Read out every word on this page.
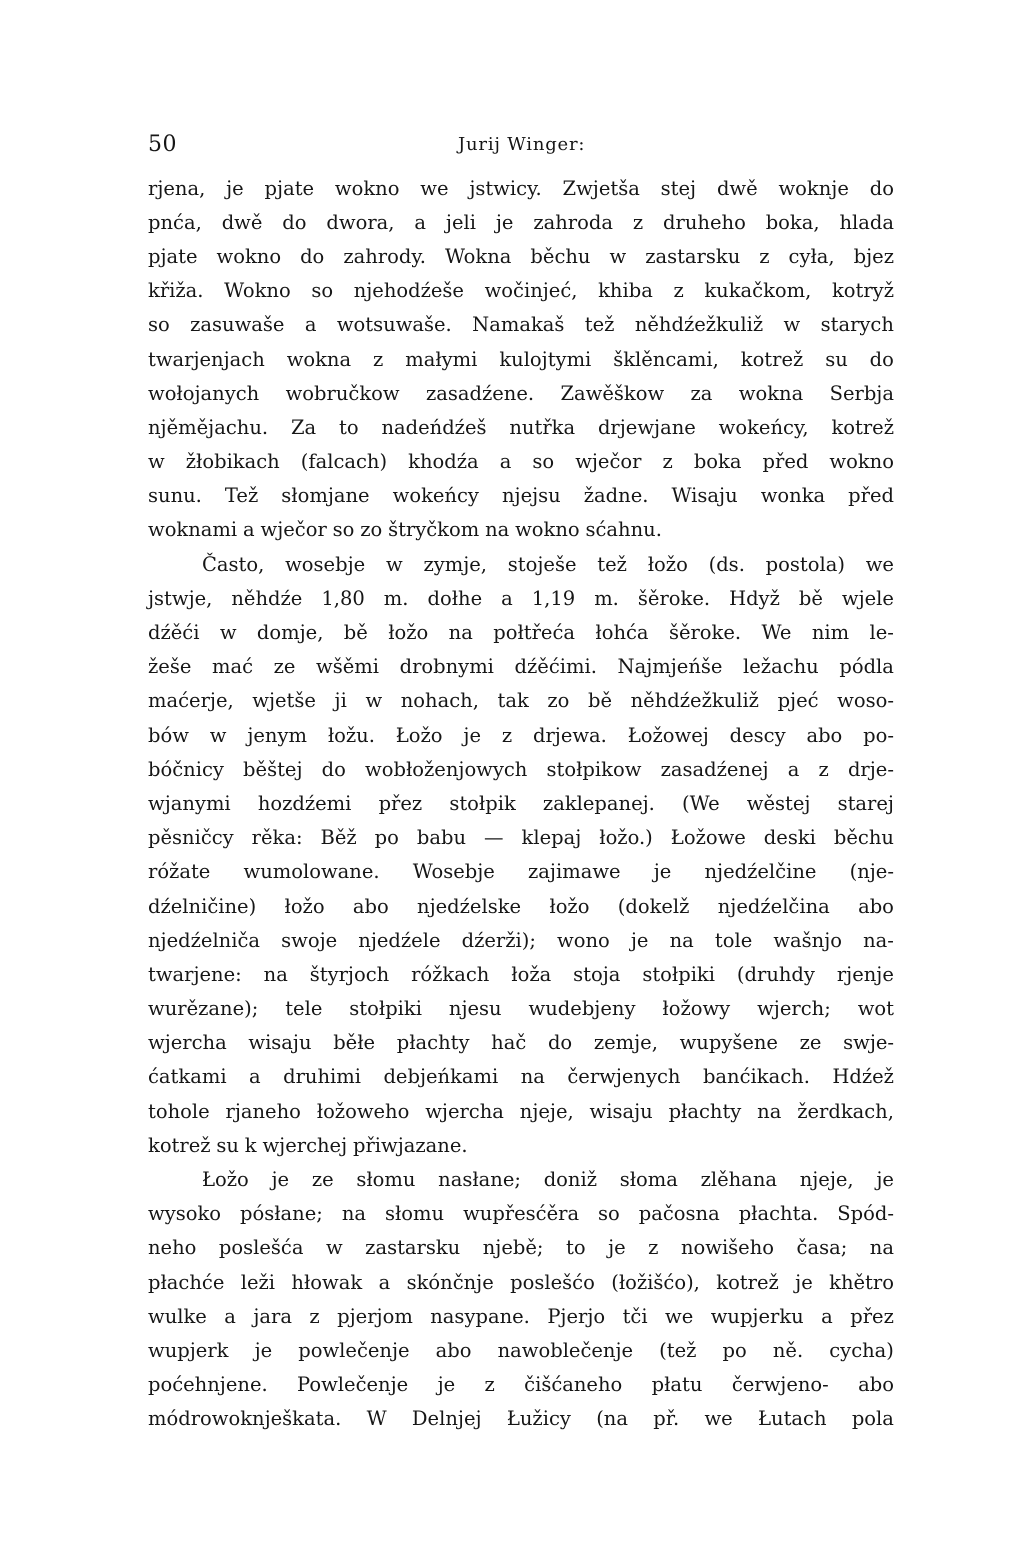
50	Jurij Winger:
rjena, je pjate wokno we jstwicy. Zwjetša stej dwě woknje do
pnća, dwě do dwora, a jeli je zahroda z druheho boka, hlada
pjate wokno do zahrody. Wokna běchu w zastarsku z cyła, bjez
křiža. Wokno so njehodźeše wočinjeć, khiba z kukačkom, kotryž
so zasuwaše a wotsuwaše. Namakaš tež něhdźežkuliž w starych
twarjenjach wokna z małymi kulojtymi šklěncami, kotrež su do
wołojanych wobručkow zasadźene. Zawěškow za wokna Serbja
njěmějachu. Za to nadeńdźeš nutřka drjewjane wokeńcy, kotrež
w žłobikach (falcach) khodźa a so wječor z boka před wokno
sunu. Tež słomjane wokeńcy njejsu žadne. Wisaju wonka před
woknami a wječor so zo štryčkom na wokno sćahnu.
Často, wosebje w zymje, stoješe tež łožo (ds. postola) we
jstwje, něhdźe 1,80 m. dołhe a 1,19 m. šěroke. Hdyž bě wjele
dźěći w domje, bě łožo na połtřeća łohća šěroke. We nim le-
žeše mać ze wšěmi drobnymi dźěćimi. Najmjeńše ležachu pódla
maćerje, wjetše ji w nohach, tak zo bě něhdźežkuliž pjeć woso-
bów w jenym łožu. Łožo je z drjewa. Łožowej descy abo po-
bóčnicy běštej do wobłoženjowych stołpikow zasadźenej a z drje-
wjanymi hozdźemi přez stołpik zaklepanej. (We wěstej starej
pěsničcy rěka: Běž po babu — klepaj łožo.) Łožowe deski běchu
róžate wumolowane. Wosebje zajimawe je njedźelčine (nje-
dźelničine) łožo abo njedźelske łožo (dokelž njedźelčina abo
njedźelniča swoje njedźele dźerži); wono je na tole wašnjo na-
twarjene: na štyrjoch róžkach łoža stoja stołpiki (druhdy rjenje
wurězane); tele stołpiki njesu wudebjeny łožowy wjerch; wot
wjercha wisaju běłe płachty hač do zemje, wupyšene ze swje-
ćatkami a druhimi debjeńkami na čerwjenych banćikach. Hdźež
tohole rjaneho łožoweho wjercha njeje, wisaju płachty na žerdkach,
kotrež su k wjerchej přiwjazane.
Łožo je ze słomu nasłane; doniž słoma zlěhana njeje, je
wysoko pósłane; na słomu wupřesćěra so pačosna płachta. Spód-
neho poslešća w zastarsku njebě; to je z nowišeho časa; na
płachće leži hłowak a skónčnje poslešćo (łožišćo), kotrež je khětro
wulke a jara z pjerjom nasypane. Pjerjo tči we wupjerku a přez
wupjerk je powlečenje abo nawoblečenje (tež po ně. cycha)
poćehnjene. Powlečenje je z čišćaneho płatu čerwjeno- abo
módrowoknješkata. W Delnjej Łužicy (na př. we Łutach pola
